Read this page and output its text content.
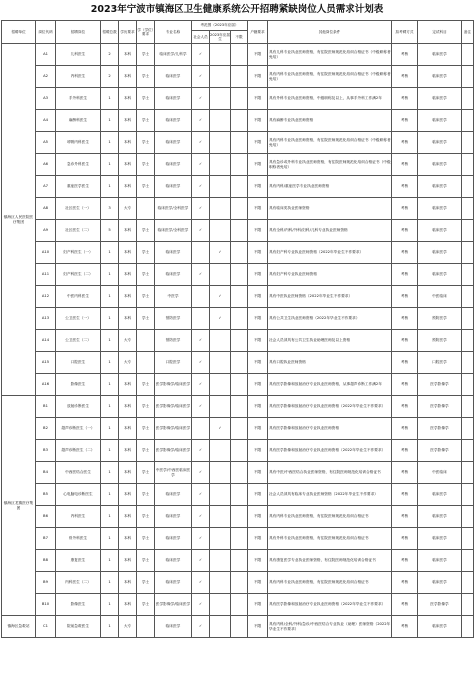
2023年宁波市镇海区卫生健康系统公开招聘紧缺岗位人员需求计划表
招聘单位	岗位代码	招聘岗位	招聘总数	学历要求	学（学位）要求	专业名称	考范围（2023年应届）			户籍要求	其他岗位条件	拟考聘方式	定试科目	备注
							社会人员	2023年应届生	不限					
镇海区人民医院医疗集团	A1	儿科医生	2	本科	学士	临床医学/儿科学	✓			不限	具有儿科专业执业医师资格，有住院医师规范化培训合格证书（中级职称者免培）	考核	临床医学	
	A2	内科医生	2	本科	学士	临床医学	✓			不限	具有内科专业执业医师资格，有住院医师规范化培训合格证书（中级职称者免培）	考核	临床医学	
	A3	手外科医生	1	本科	学士	临床医学	✓			不限	具有外科专业执业医师资格，中级职称及以上，从事手外科工作满2年	考核	临床医学	
	A4	麻醉科医生	1	本科	学士	临床医学	✓			不限	具有麻醉专业执业医师资格	考核	临床医学	
	A5	呼吸内科医生	1	本科	学士	临床医学	✓			不限	具有内科专业执业医师资格，有住院医师规范化培训合格证书（中级职称者免培）	考核	临床医学	
	A6	急诊外科医生	1	本科	学士	临床医学	✓			不限	具有急诊或外科专业执业医师资格，有住院医师规范化培训合格证书（中级职称者免培）	考核	临床医学	
	A7	重症医学医生	1	本科	学士	临床医学	✓			不限	具有内科/重症医学专业执业医师资格	考核	临床医学	
	A8	社区医生（一）	3	大专		临床医学/全科医学	✓			不限	具有临床类执业医师资格	考核	临床医学	
	A9	社区医生（二）	5	本科	学士	临床医学/全科医学	✓			不限	具有全科/内科/外科/妇科/儿科专业执业医师资格	考核	临床医学	
	A10	妇产科医生（一）	1	本科	学士	临床医学		✓		不限	具有妇产科专业执业医师资格（2022年毕业生不作要求）	考核	临床医学	
	A11	妇产科医生（二）	1	本科	学士	临床医学	✓			不限	具有妇产科专业执业医师资格	考核	临床医学	
	A12	中医内科医生	1	本科	学士	中医学		✓		不限	具有中医执业医师资格（2022年毕业生不作要求）	考核	中医临床	
	A13	公卫医生（一）	1	本科	学士	预防医学		✓		不限	具有公共卫生执业医师资格（2022年毕业生不作要求）	考核	预防医学	
	A14	公卫医生（二）	1	大专		预防医学	✓			不限	社会人员须具有公共卫生执业助理医师及以上资格	考核	预防医学	
	A15	口腔医生	1	大专		口腔医学	✓			不限	具有口腔执业医师资格	考核	口腔医学	
	A16	影像医生	1	本科	学士	医学影像学/临床医学	✓			不限	具有医学影像和放射治疗专业执业医师资格，从事超声诊断工作满2年	考核	医学影像学	
镇海区龙赛医疗集团	B1	放射诊断医生	1	本科	学士	医学影像学/临床医学	✓			不限	具有医学影像和放射治疗专业执业医师资格（2022年毕业生不作要求）	考核	医学影像学	
	B2	超声诊断医生（一）	1	本科	学士	医学影像学/临床医学		✓		不限	具有医学影像和放射治疗专业执业医师资格	考核	医学影像学	
	B3	超声诊断医生（二）	1	本科	学士	医学影像学/临床医学	✓			不限	具有医学影像和放射治疗专业执业医师资格（2022年毕业生不作要求）	考核	医学影像学	
	B4	中西医结合医生	1	本科	学士	中医学/中西医临床医学	✓			不限	具有中医/中西医结合执业医师资格，有住院医师规范化培训合格证书	考核	中医临床	
	B5	心电脑电诊断医生	1	本科	学士	临床医学	✓			不限	社会人员须具有临床专业执业医师资格（2022年毕业生不作要求）	考核	临床医学	
	B6	内科医生	1	本科	学士	临床医学	✓			不限	具有内科专业执业医师资格，有住院医师规范化培训合格证书	考核	临床医学	
	B7	骨外科医生	1	本科	学士	临床医学	✓			不限	具有外科专业执业医师资格，有住院医师规范化培训合格证书	考核	临床医学	
	B8	康复医生	1	本科	学士	临床医学	✓			不限	具有康复医学专业执业医师资格，有住院医师规范化培训合格证书	考核	临床医学	
	B9	内科医生（二）	1	本科	学士	临床医学	✓			不限	具有内科专业执业医师资格，有住院医师规范化培训合格证书	考核	临床医学	
	B10	影像医生	1	本科	学士	医学影像学/临床医学	✓			不限	具有医学影像和放射治疗专业执业医师资格（2022年毕业生不作要求）	考核	医学影像学	
镇海区急救站	C1	院前急救医生	1	大专		临床医学	✓			不限	具有内科/全科/外科/急诊/中西医结合专业执业（助理）医师资格（2022年毕业生不作要求）	考核	临床医学	
